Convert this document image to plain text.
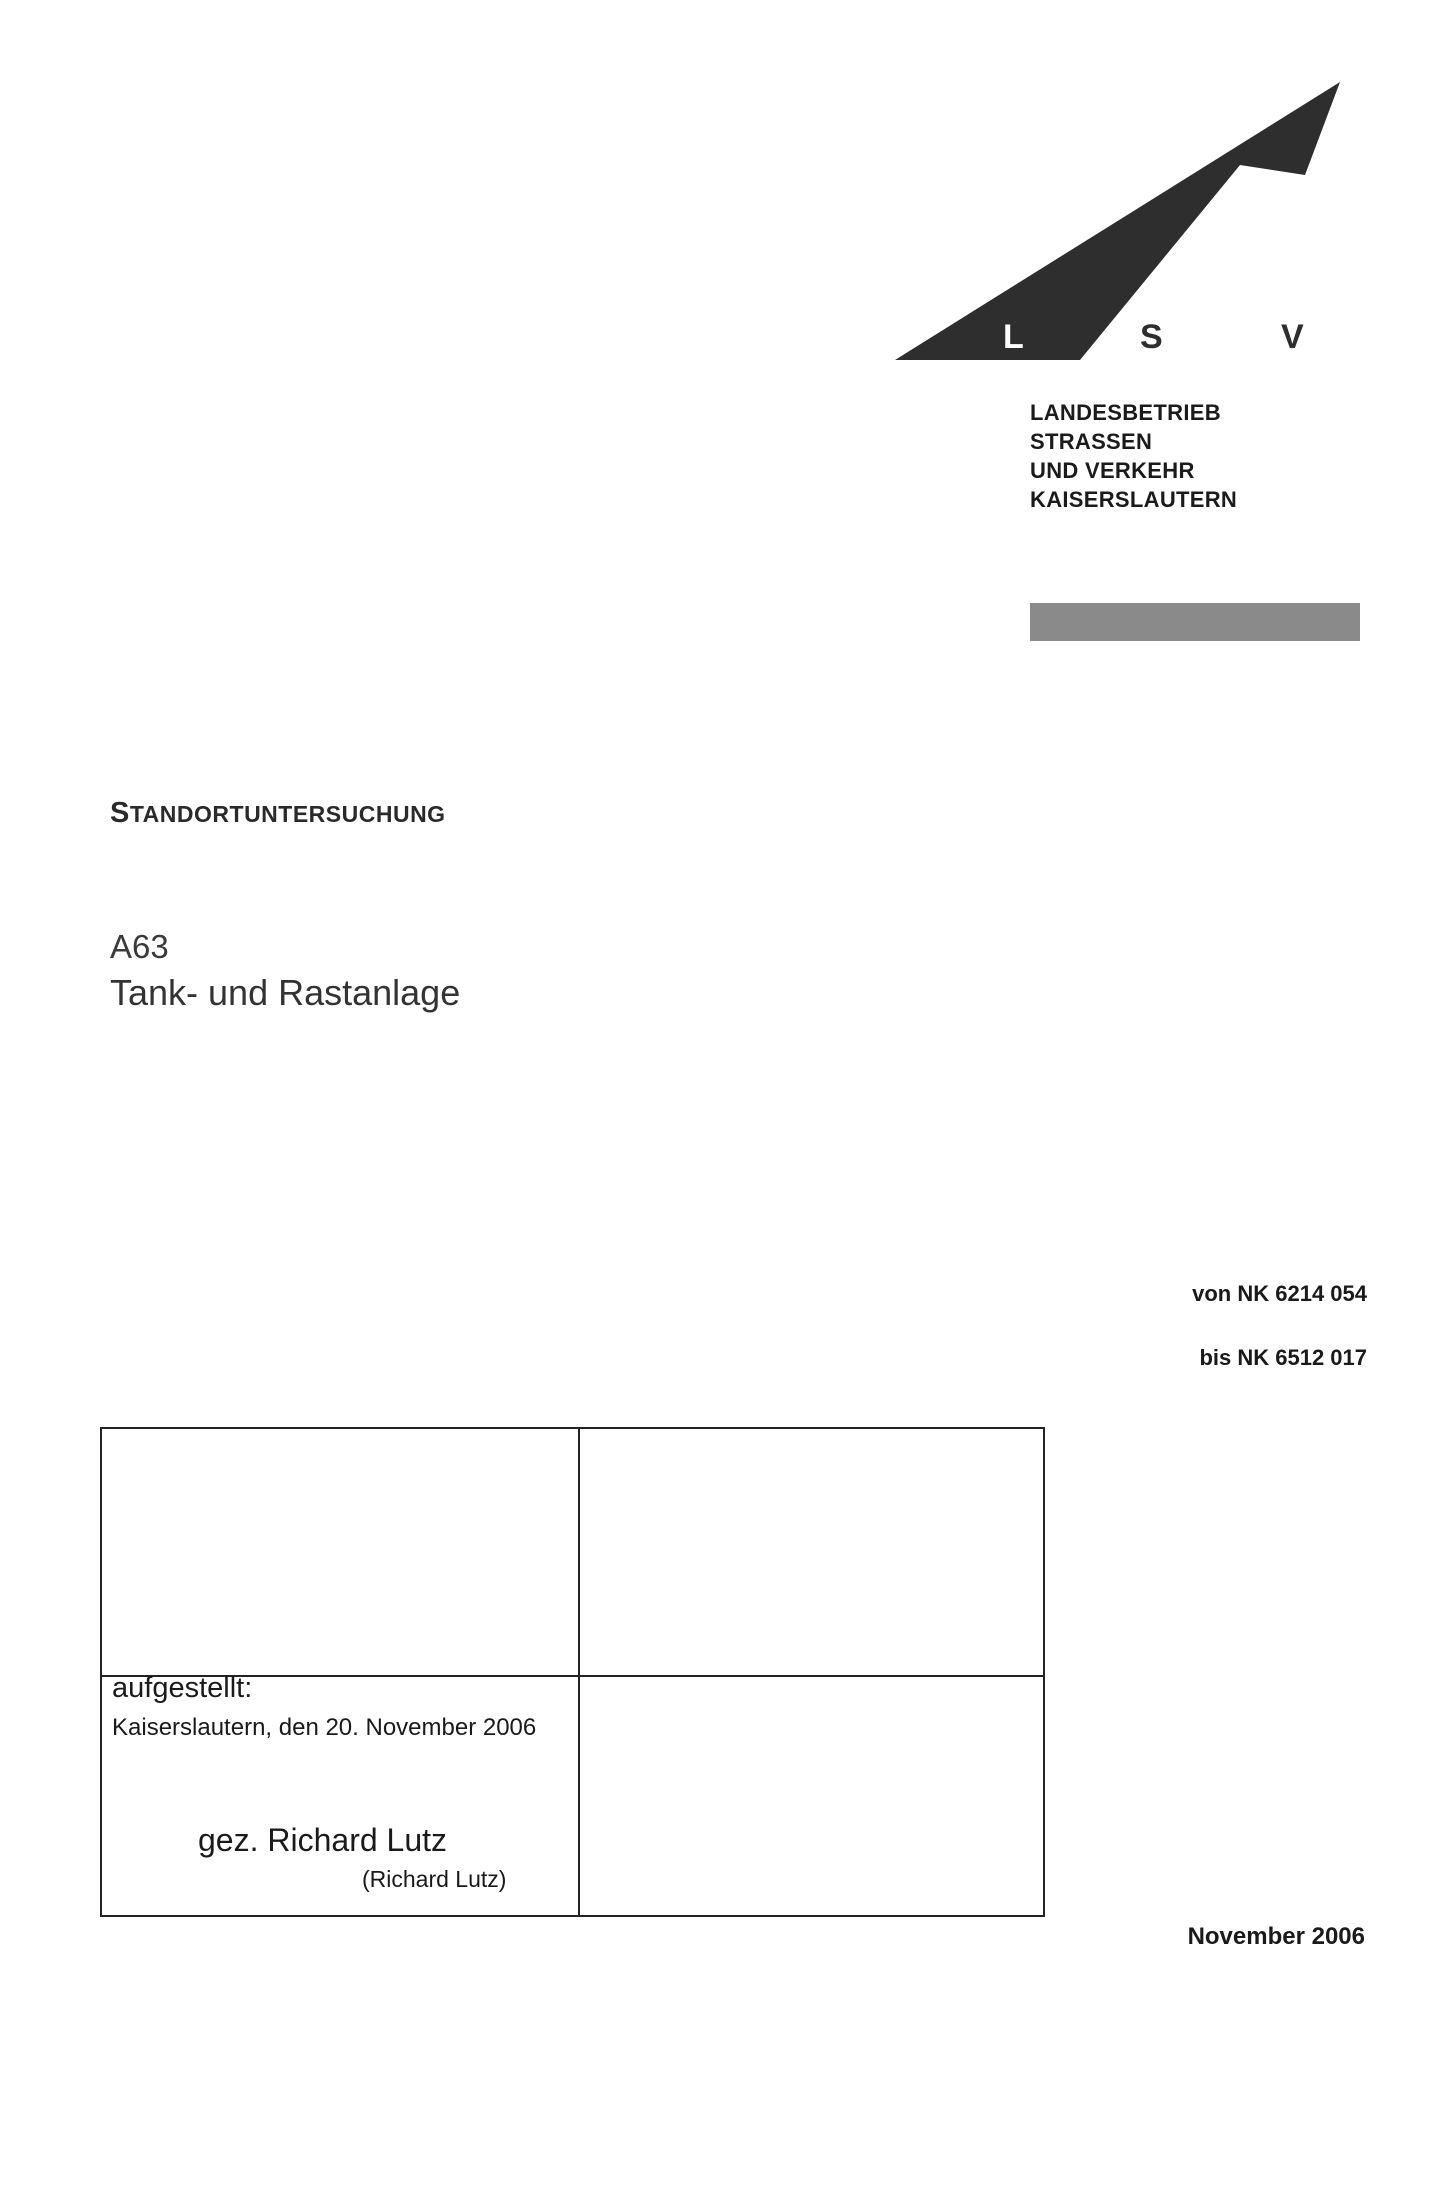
L	S	V
LANDESBETRIEB
STRASSEN
UND VERKEHR
KAISERSLAUTERN
STANDORTUNTERSUCHUNG
A63
Tank- und Rastanlage
von NK 6214 054
bis NK 6512 017
aufgestellt:
Kaiserslautern, den 20. November 2006
gez. Richard Lutz
(Richard Lutz)
November 2006
